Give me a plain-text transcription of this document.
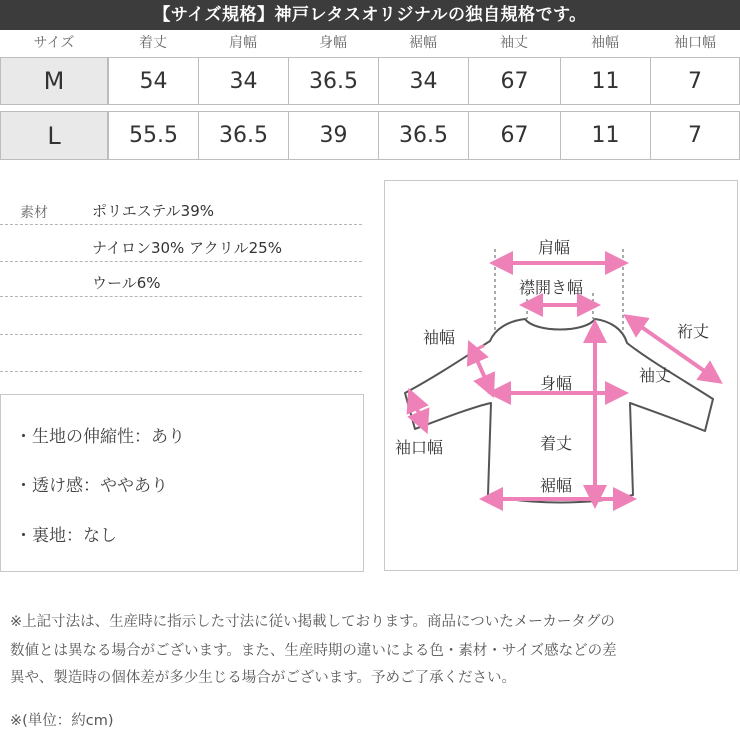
【サイズ規格】神戸レタスオリジナルの独自規格です。
サイズ	着丈	肩幅	身幅	裾幅	袖丈	袖幅	袖口幅
M	54	34	36.5	34	67	11	7
L	55.5	36.5	39	36.5	67	11	7
素材	ポリエステル39%
ナイロン30% アクリル25%
ウール6%
・生地の伸縮性：あり
・透け感：ややあり
・裏地：なし
肩幅
襟開き幅
袖幅	裄丈
袖丈
身幅
袖口幅	着丈
裾幅
※上記寸法は、生産時に指示した寸法に従い掲載しております。商品についたメーカータグの
数値とは異なる場合がございます。また、生産時期の違いによる色・素材・サイズ感などの差
異や、製造時の個体差が多少生じる場合がございます。予めご了承ください。
※(単位：約cm)
